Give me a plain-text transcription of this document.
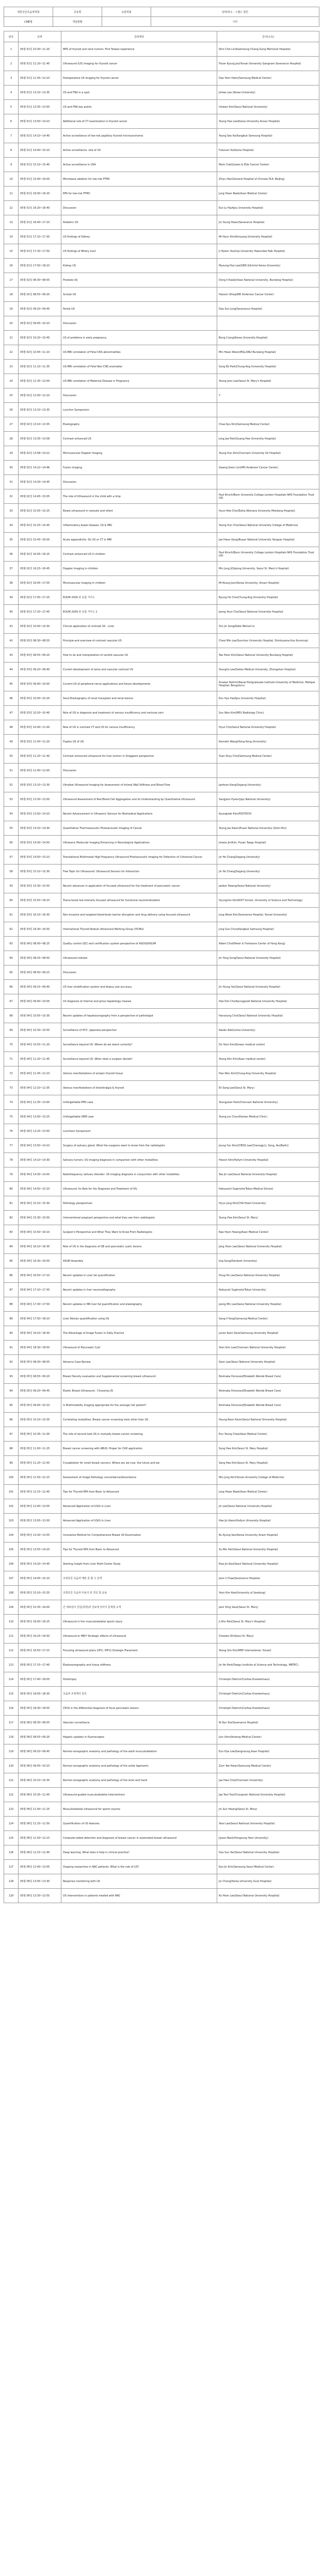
대한진단초음파학회	공동명	유관학회	날짜/장소 : 그랜드 힐튼
CME명	개설현황		기타
번호	날짜	강좌제목	강사(소속)
1	05월 01일 10:30~11:20	MPS of thyroid and neck tumors: First Taiwan experience	Shin Chin-Lin(Kaohsiung Chang Gung Memorial Hospital)
2	05월 01일 11:20~11:45	Ultrasound (US) imaging for thyroid cancer	Fiscer Kyung Joo(Yonsei University Gangnam Severance Hospital)
3	05월 01일 11:45~12:10	Postoperative US imaging for thyroid cancer	Dae Yoon Hahn(Samsung Medical Center)
4	05월 01일 13:10~13:35	US and FNA in a spot	Jinhee Lee (Korea University)
5	05월 01일 13:35~13:50	US and FNA key points	Inhwan Kim(Seoul National University)
6	05월 01일 13:50~14:10	Additional role of CT examination in thyroid cancer	Young Hee Lee(Korea University Ansan Hospital)
7	05월 01일 14:10~14:40	Active surveillance of low-risk papillary thyroid microcarcinoma	Young Seo Ko(Kangbuk Samsung Hospital)
8	05월 01일 14:40~15:10	Active surveillance: role of US	Fukunari Ito(Kuma Hospital)
9	05월 01일 15:10~15:40	Active surveillance in USA	Mark Cubit(Lewis & Ellie Cancer Center)
10	05월 01일 15:40~16:00	Microwave ablation for low-risk PTMC	Zhiyu Han(General Hospital of Chinese PLA, Beijing)
11	05월 01일 16:00~16:20	RFA for low-risk PTMC	Jung Hwan Baek(Asan Medical Center)
12	05월 01일 16:20~16:40	Discussion	Eun Ju Ha(Ajou University Hospital)
13	05월 01일 16:40~17:10	Pediatric US	Jin Young Hwan(Severance Hospital)
14	05월 01일 17:10~17:30	US findings of Kidney	Mi-Hyun Kim(Konyang University Hospital)
15	05월 01일 17:30~17:50	US findings of Biliary tract	Ji Hyeon Yoo(Inje University Haeundae Paik Hospital)
16	05월 01일 17:50~18:10	Kidney US	Myoung-Hye Lee(GMS Gilchrist Korea University)
17	05월 02일 08:30~08:55	Prostate US	Dong Il Kwak(Ulsan National University, Bundang Hospital)
18	05월 02일 08:55~09:20	Scrotal US	Hasson Ulhaq(MD Anderson Cancer Center)
19	05월 02일 09:20~09:45	Penile US	Dae Sun Jung(Severance Hospital)
20	05월 02일 09:45~10:10	Discussion	
21	05월 02일 10:20~10:45	US of problems in early pregnancy	Bong Il Jung(Korea University Hospital)
22	05월 02일 10:45~11:10	US-MRI correlation of Fetal CNS abnormalities	Min Hwan Woon(MGL/SNU Bundang Hospital)
23	05월 02일 11:10~11:35	US-MRI correlation of Fetal Non-CNS anomalies	Sung Bo Park(Chung-Ang University Hospital)
24	05월 02일 11:35~12:00	US-MRI correlation of Maternal Disease in Pregnancy	Young Joon Lee(Seoul St. Mary's Hospital)
25	05월 02일 12:00~12:10	Discussion	Y
26	05월 02일 13:10~13:35	Lunchon Symposium	
27	05월 02일 13:10~13:35	Elastography	Chae Kyu Kim(Samsung Medical Center)
28	05월 02일 13:35~13:58	Contrast enhanced US	Jung Jae Park(Guang Hee University Hospital)
29	05월 02일 13:58~14:22	Microvascular Doppler Imaging	Young Hun Kim(Chonnam University Gil Hospital)
30	05월 02일 14:22~14:46	Fusion imaging	Gwang Geon Lim(MD Anderson Cancer Center)
31	05월 02일 14:30~14:45	Discussion	
32	05월 02일 14:45~15:05	The role of Ultrasound in the child with a limp	Paul Kirsch(Bonn University College London Hospitals NHS Foundation Trust UK)
33	05월 02일 15:05~15:25	Bowel ultrasound in neonate and infant	Hyun-Hee Choi(Ewha Womans University Mokdong Hospital)
34	05월 02일 15:25~15:45	Inflammatory bowel disease: US & MRI	Young Hun Choi(Seoul National University College of Medicine)
35	05월 02일 15:45~16:05	Acute appendicitis: Do US or CT in MRI	Jae Hwan Kang(Busan National University Yangsan Hospital)
36	05월 02일 16:05~16:25	Contrast enhanced US in children	Paul Kirsch(Bonn University College London Hospitals NHS Foundation Trust UK)
37	05월 02일 16:25~16:45	Doppler imaging in children	Min Jung Ji(Sejong University, Seoul St. Mary's Hospital)
38	05월 02일 16:45~17:05	Microvascular imaging in children	Mi-Young Joon(Korea University, Ansan Hospital)
39	05월 02일 17:05~17:25	EOUM 2009 과 유럽 가이드	Byung Ho Choi(Chung-Ang University Hospital)
40	05월 02일 17:25~17:45	EOUM 2009 과 유럽 가이드 2	Jeong Youn Cho(Seoul National University Hospital)
41	05월 02일 10:00~10:30	Clinical application of contrast US - Liver	Yun Jin Song(Kobe Women's)
42	05월 03일 08:30~08:55	Principle and overview of contrast vascular US	Cheol Min Lee(Sunchon University Hospital, Shintoyama Kuo Kunming)
43	05월 03일 08:55~09:20	How to do and interpretation of carotid vascular US	Tae Hoon Kim(Seoul National University Bundang Hospital)
44	05월 03일 09:20~09:40	Current development of aorta and vascular contrast US	Youngho Lee(Dalian Medical University, Zhongshan Hospital)
45	05월 03일 09:40~10:00	Current US of peripheral nerve applications and future developments	Arsalan Rahimi(Naval Postgraduate Institute University of Medicine, Mahipal Hospital, Bengaluru)
46	05월 03일 10:00~10:20	Sono-Elastography of renal transplant and renal lesions	Eun Hyo Ha(Ajou University Hospital)
47	05월 03일 10:20~10:40	Role of US in diagnosis and treatment of venous insufficiency and varicose vein	Sun Woo Kim(MEU Radiology Clinic)
48	05월 03일 10:40~11:00	Role of US in contrast CT and US for venous insufficiency	Hyun Cho(Seoul National University Hospital)
49	05월 03일 11:00~11:20	Duplex US of UG	Kenneth Wang(Hong Kong University)
50	05월 03일 11:20~11:40	Contrast enhanced ultrasound for liver tumors in Singapore perspective	Yuan Shuy Choi(Samsung Medical Center)
51	05월 03일 11:40~12:00	Discussion	
52	05월 03일 13:10~13:30	Ultrafast Ultrasound Imaging for Assessment of Intimal Wall Stiffness and Blood Flow	Jaehoon Kang(Sogang University)
53	05월 03일 13:30~13:50	Ultrasound Assessment of Red Blood Cell Aggregation and its Understanding by Quantitative Ultrasound	Sangjoon Pyeon(Jeju National University)
54	05월 03일 13:50~14:10	Recent Advancement in Ultrasonic Sensors for Biomedical Applications	Kyungtaek Kim(POSTECH)
55	05월 03일 14:10~14:30	Quantitative Thermoacoustic Photoacoustic Imaging of Cancer	Young Jae Kwon(Pusan National University (Sohn-Ho))
56	05월 03일 14:30~14:50	Ultrasonic Molecular Imaging Enhancing in Neurological Applications	Jinwoo Jin(Kim, Pusan Taegu Hospital)
57	05월 03일 14:50~15:10	Translational Multimodal High-Frequency Ultrasound Photoacoustic Imaging for Detection of Colorectal Cancer	Jin Ho Chang(Sogang University)
58	05월 03일 15:10~15:30	Free Topic for Ultrasound: Ultrasound Sensors for Interaction	Jin Ho Chang(Sogang University)
59	05월 03일 15:30~15:50	Recent advances in application of focused ultrasound for the treatment of pancreatic cancer	Jaekon Hwang(Seoul National University)
60	05월 03일 15:50~16:10	Transcranial low-intensity focused ultrasound for functional neuromodulation	Hyungmin Kim(KIST School, University of Science and Technology)
61	05월 03일 16:10~16:30	Non-invasive and targeted blood-brain barrier disruption and drug delivery using focused ultrasound	Jung Wook Kim(Severance Hospital, Yonsei University)
62	05월 03일 16:30~16:50	International Thyroid Nodule Ultrasound Working Group (ITUNU)	Jung Suo Chun(Kangbuk Samsung Hospital)
63	05월 04일 08:00~08:25	Quality control (QC) and certification system perspective of ASOUS/KSUM	Albert Choi(Peteir & Fortesone Center of Hong Kong)
64	05월 04일 08:25~08:50	Ultrasound nodules	Jin Yong Sung(Seoul National University Hospital)
65	05월 04일 08:50~09:15	Discussion	
66	05월 04일 09:15~09:40	US liver stratification system and biopsy size accuracy	Jin Young Yoo(Seoul National University Hospital)
67	05월 04일 09:40~10:05	US diagnosis of internal and gross hepatology masses	Hee Kim Cho(Kyungpook National University Hospital)
68	05월 04일 10:05~10:30	Recent updates of hepatosonography from a perspective of pathologist	Hansoung Choi(Seoul National University Hospital)
69	05월 04일 10:30~10:55	Surveillance of HCC: Japanese perspective	Naoko Aoki(Loma University)
70	05월 04일 10:55~11:20	Surveillance beyond US: Where do we stand currently?	Do Yoon Kim(Korean medical center)
71	05월 04일 11:20~11:45	Surveillance beyond US: When does a surgeon decide?	Young Ahn Kim(Asan medical center)
72	05월 04일 11:45~12:10	Various manifestations of ectopic thyroid tissue	Hee Won Kim(Chung-Ang University Hospital)
73	05월 04일 12:10~12:35	Various manifestations of Intestinalgia & thyroid	Eil Sang Lee(Seoul St. Mary)
74	05월 04일 12:35~13:00	Unforgettable PMS case	Youngyean Park(Chonnam National University)
75	05월 04일 13:00~13:25	Unforgettable OBM case	Young Jun Chun(Korean Medical Clinic)
76	05월 04일 13:25~13:50	Luncheon Symposium	
77	05월 04일 13:50~14:10	Surgery of salivary gland: What the surgeons want to know from the radiologists	Joung Yun Kim(CHESS Lee(Cheongju)), Song, Aix(Bath))
78	05월 04일 14:10~14:30	Salivary tumors: US imaging diagnosis in comparison with other modalities	Hwoon Kim(Hallym University Hospital)
79	05월 04일 14:30~14:50	Radiofrequency salivary disorder: US imaging diagnosis in conjunction with other modalities	Tae Jin Lee(Seoul National University Hospital)
80	05월 04일 14:50~15:10	Ultrasound: Its Role for the Diagnosis and Treatment of IOL	Hakuzoshi Sugimoto(Tokyo Medical School)
81	05월 04일 15:10~15:30	Pathology perspectives	Hyun Jung Kim(CHA Heart University)
82	05월 04일 15:30~15:50	Interventional pregnant perspective and what they see from radiologists	Young Hee Kim(Seoul St. Mary)
83	05월 04일 15:50~16:10	Surgeon's Perspective and What They Want to Know From Radiologists	Nae Hyon Hwang(Asan Medical Center)
84	05월 04일 16:10~16:30	Role of US in the diagnosis of GB and pancreatic cystic lesions	Jong Hoon Lee(Seoul National University Hospital)
85	05월 04일 16:30~16:50	ASUM Assembly	Jing Song(Dankook University)
86	05월 04일 16:50~17:10	Recent updates in Liver fat quantification	Doug Ho Lee(Seoul National University Hospital)
87	05월 04일 17:10~17:30	Recent updates in liver neuroradiography	Nobuyuki Sugimoto(Tokyo University)
88	05월 04일 17:30~17:50	Recent updates in MR liver fat quantification and elastography	Jeong Min Lee(Seoul National University Hospital)
89	05월 04일 17:50~18:10	Liver fibrosis quantification using US	Sang-Il Yang(Samsung Medical Center)
90	05월 04일 18:10~18:30	The Advantage of Image Fusion in Daily Practice	Junior Koon Seuk(Samsung University Hospital)
91	05월 04일 18:30~18:50	Ultrasound of Pancreatic Cyst	Yoon Kim Lee(Chonnam National University Hospital)
92	05월 05일 08:30~08:55	Advance Case Review	Seon Lee(Seoul National University Hospital)
93	05월 05일 08:55~09:20	Breast Density evaluation and Supplemental screening breast ultrasound	Nisimaka Donovan(Elizabeth Wende Breast Care)
94	05월 05일 09:20~09:45	Elastic Breast Ultrasound : Choosing US	Nisimaka Donovan(Elizabeth Wende Breast Care)
95	05월 05일 09:45~10:10	Is Multimodality imaging appropriate for the average risk patient?	Nisimaka Donovan(Elizabeth Wende Breast Care)
96	05월 05일 10:10~10:35	Correlating modalities: Breast cancer screening tools other than US	Heung-Keon Kwon(Seoul National University Hospital)
97	05월 05일 10:35~11:00	The role of second look US in mutually breast cancer screening	Eun Young Chae(Asan Medical Center)
98	05월 05일 11:00~11:25	Breast cancer screening with ABUS: Proper for CAD application	Sung Hee Kim(Seoul St. Mary Hospital)
99	05월 05일 11:25~11:50	Cryoablation for small breast cancers: Where are we now, the future and we	Sang Hee Kim(Seoul St. Mary Hospital)
100	05월 05일 11:50~12:15	Assessment of Image Pathology concordance/discordance	Min Jung Kim(Yonsei University College of Medicine)
101	05월 05일 12:15~12:40	Tips for Thyroid RFA from Basic to Advanced	Jung Hwan Baek(Asan Medical Center)
102	05월 05일 12:40~13:05	Advanced Application of US/G in Liver	Jin Lee(Seoul National University Hospital)
103	05월 05일 13:05~13:30	Advanced Application of US/G in Liver	Hee Jin Kwon(Hallym University Hospital)
104	05월 05일 13:30~13:55	Innovative Method for Comprehensive Breast US Examination	Ru Kyung Seo(Korea University Anam Hospital)
105	05월 05일 13:55~14:20	Tips for Thyroid RFA from Basic to Advanced	So Min Hah(Seoul National University Hospital)
106	05월 05일 14:20~14:45	Starting Insight from Liver Multi-Center Study	Ewa Jin Koo(Seoul National University Hospital)
107	05월 05일 14:45~15:10	조영증강 초음파 매번 잘 할 수 있게	Jeon Il Chae(Severance Hospital)
108	05월 05일 15:10~15:35	조영증강 초음파 사용의 외 진단 및 응용	Yoon Kim Kee(University of Seodong)
109	05월 05일 15:35~16:00	간 세포암의 진단(종양)과 진료에 있어서 문제점 소개	Jeon Yong Seuk(Seoul St. Mary)
110	05월 05일 16:00~16:25	Ultrasound in the musculoskeletal sports injury	Ji Ahn Park(Seoul St. Mary's Hospital)
111	05월 05일 16:25~16:50	Ultrasound or MRI? Strategic effects of ultrasound	Cheoleo Oh(Seoul St. Mary)
112	05월 05일 16:50~17:15	Focusing ultrasound plans (UFU, HIFU) Strategic Placement	Yeong Sim Kim(MRF International, Yonsei)
113	05월 05일 17:15~17:40	Elastosonography and tissue stiffness	Jin Ho Park(Daegu Institute of Science and Technology, MRTEC)
114	05월 05일 17:40~18:05	Histotripsy	Christoph Dietrich(Caritas Krankenhaus)
115	05월 05일 18:05~18:30	초음파 조영제의 원리	Christoph Dietrich(Caritas Krankenhaus)
116	05월 05일 18:30~18:55	CEUS in the differential diagnosis of focal pancreatic lesions	Christoph Dietrich(Caritas Krankenhaus)
117	05월 06일 08:30~08:55	Vascular surveillance	Ni Kyo Yoo(Severance Hospital)
118	05월 06일 08:55~09:20	Hepatic updates in fluoroscopies	Jiun Uhm(Andong Medical Center)
119	05월 06일 09:20~09:45	Normal sonographic anatomy and pathology of the adult musculoskeleton	Eun Hye Lee(Gangneung Asan Hospital)
120	05월 06일 09:45~10:10	Normal sonographic anatomy and pathology of the ankle ligaments	Zum Yee Hwan(Samsung Medical Center)
121	05월 06일 10:10~10:35	Normal sonographic anatomy and pathology of the wrist and hand	Jae Hwa Choi(Chonnam University)
122	05월 06일 10:35~11:00	Ultrasound-guided musculoskeletal interventions	Jae Yeol Yoo(Chungnam National University Hospital)
123	05월 06일 11:00~11:25	Musculoskeletal ultrasound for sports injuries	Jin Sun Hwang(Seoul St. Mary)
124	05월 06일 11:25~11:50	Quantification of US features	Yeon Lee(Seoul National University Hospital)
125	05월 06일 11:50~12:15	Computer-aided detection and diagnosis of breast cancer in automated breast ultrasound	Jiyeon Back(Hongsung Yeon University)
126	05월 06일 12:15~12:40	Deep learning: What does it help in clinical practice?	Hye Sun Yeo(Seoul National University Hospital)
127	05월 06일 12:40~13:05	Ongoing researches in NAC patients: What is the role of US?	Kyo Jin Kim(Samsung Seoul Medical Center)
128	05월 06일 13:05~13:30	Response monitoring with US	Jin Chong(Korea University Guro Hospital)
129	05월 06일 13:30~13:55	US interventions in patients treated with NAC	Ko Hoon Lee(Seoul National University Hospital)
